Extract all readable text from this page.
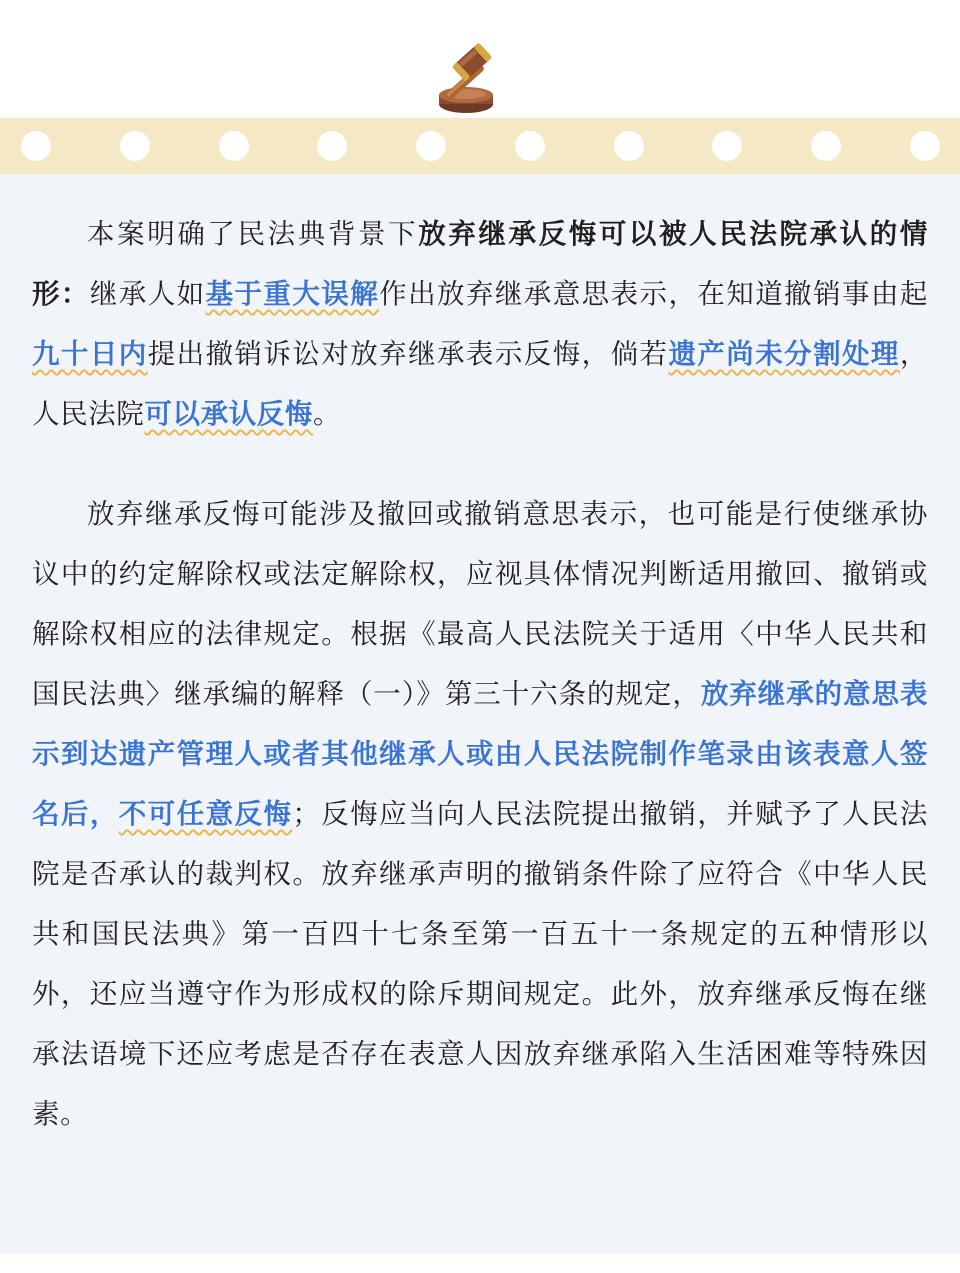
本案明确了民法典背景下放弃继承反悔可以被人民法院承认的情形：继承人如基于重大误解作出放弃继承意思表示，在知道撤销事由起九十日内提出撤销诉讼对放弃继承表示反悔，倘若遗产尚未分割处理，人民法院可以承认反悔。

放弃继承反悔可能涉及撤回或撤销意思表示，也可能是行使继承协议中的约定解除权或法定解除权，应视具体情况判断适用撤回、撤销或解除权相应的法律规定。根据《最高人民法院关于适用〈中华人民共和国民法典〉继承编的解释（一）》第三十六条的规定，放弃继承的意思表示到达遗产管理人或者其他继承人或由人民法院制作笔录由该表意人签名后，不可任意反悔；反悔应当向人民法院提出撤销，并赋予了人民法院是否承认的裁判权。放弃继承声明的撤销条件除了应符合《中华人民共和国民法典》第一百四十七条至第一百五十一条规定的五种情形以外，还应当遵守作为形成权的除斥期间规定。此外，放弃继承反悔在继承法语境下还应考虑是否存在表意人因放弃继承陷入生活困难等特殊因素。
